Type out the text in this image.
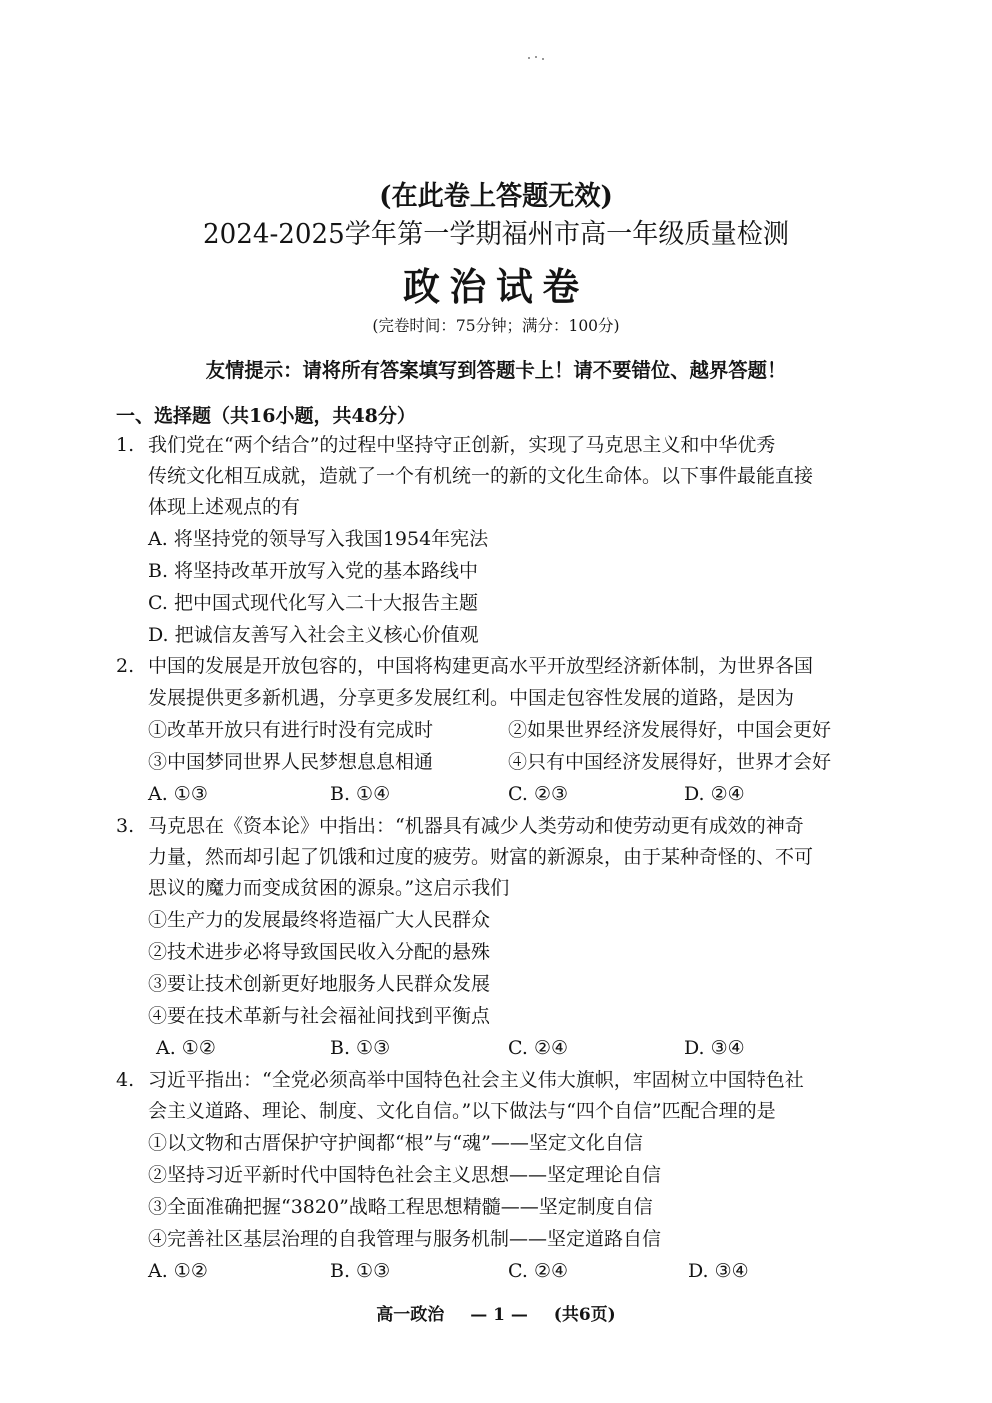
(在此卷上答题无效)
2024-2025学年第一学期福州市高一年级质量检测
政治试卷
(完卷时间：75分钟；满分：100分)
友情提示：请将所有答案填写到答题卡上！请不要错位、越界答题！
一、选择题（共16小题，共48分）
1. 我们党在“两个结合”的过程中坚持守正创新，实现了马克思主义和中华优秀
传统文化相互成就，造就了一个有机统一的新的文化生命体。以下事件最能直接
体现上述观点的有
A. 将坚持党的领导写入我国1954年宪法
B. 将坚持改革开放写入党的基本路线中
C. 把中国式现代化写入二十大报告主题
D. 把诚信友善写入社会主义核心价值观
2. 中国的发展是开放包容的，中国将构建更高水平开放型经济新体制，为世界各国
发展提供更多新机遇，分享更多发展红利。中国走包容性发展的道路，是因为
①改革开放只有进行时没有完成时	②如果世界经济发展得好，中国会更好
③中国梦同世界人民梦想息息相通	④只有中国经济发展得好，世界才会好
A. ①③	B. ①④	C. ②③	D. ②④
3. 马克思在《资本论》中指出：“机器具有减少人类劳动和使劳动更有成效的神奇
力量，然而却引起了饥饿和过度的疲劳。财富的新源泉，由于某种奇怪的、不可
思议的魔力而变成贫困的源泉。”这启示我们
①生产力的发展最终将造福广大人民群众
②技术进步必将导致国民收入分配的悬殊
③要让技术创新更好地服务人民群众发展
④要在技术革新与社会福祉间找到平衡点
A. ①②	B. ①③	C. ②④	D. ③④
4. 习近平指出：“全党必须高举中国特色社会主义伟大旗帜，牢固树立中国特色社
会主义道路、理论、制度、文化自信。”以下做法与“四个自信”匹配合理的是
①以文物和古厝保护守护闽都“根”与“魂”——坚定文化自信
②坚持习近平新时代中国特色社会主义思想——坚定理论自信
③全面准确把握“3820”战略工程思想精髓——坚定制度自信
④完善社区基层治理的自我管理与服务机制——坚定道路自信
A. ①②	B. ①③	C. ②④	D. ③④
高一政治 — 1 — (共6页)
